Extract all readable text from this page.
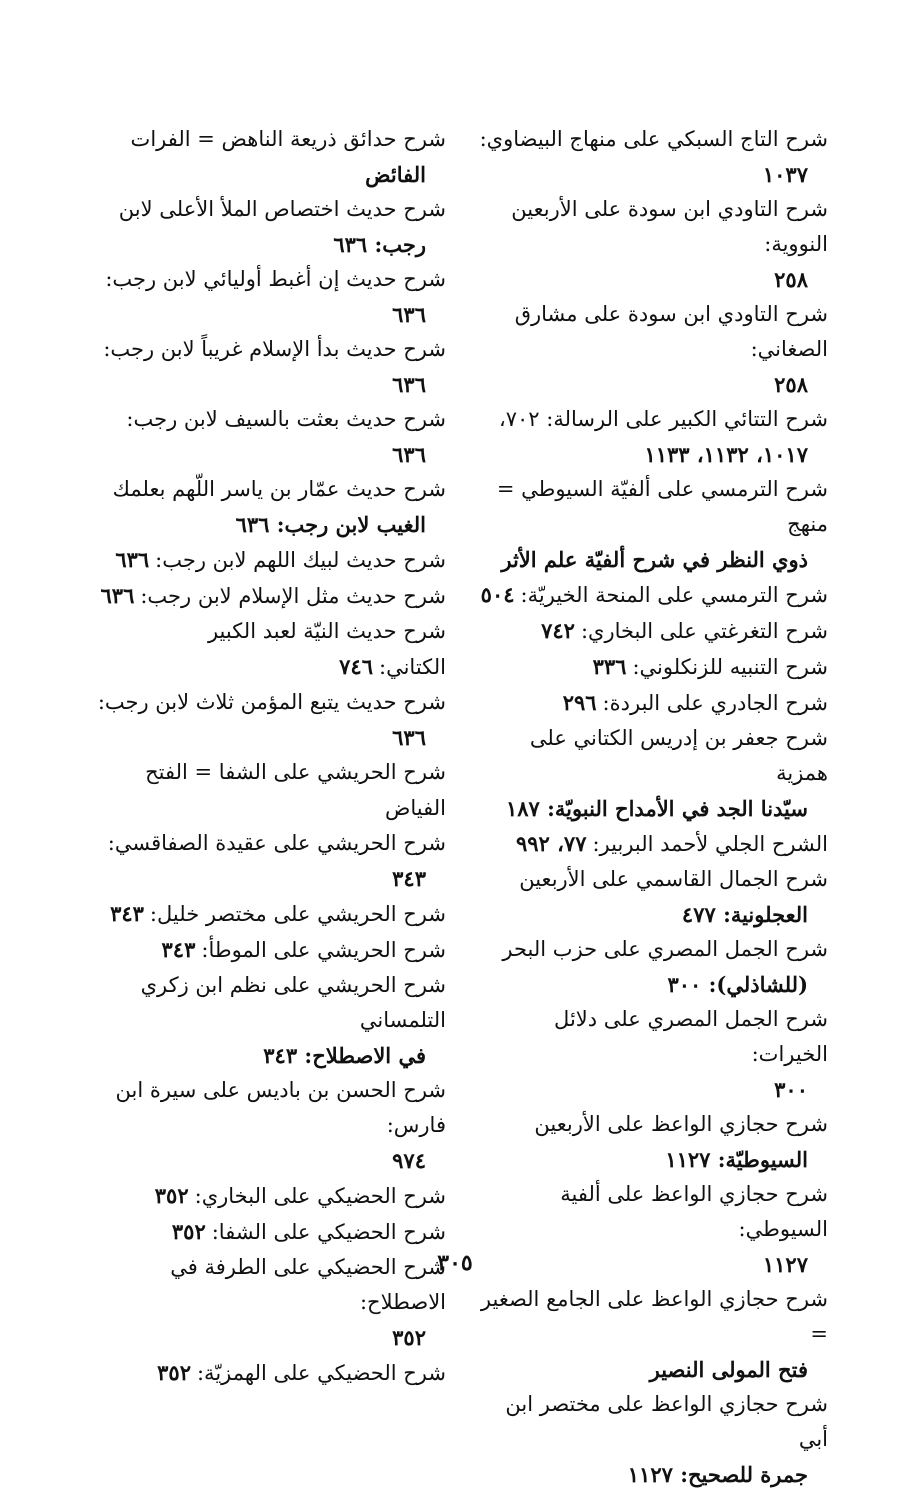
شرح التاج السبكي على منهاج البيضاوي:
١٠٣٧
شرح التاودي ابن سودة على الأربعين النووية:
٢٥٨
شرح التاودي ابن سودة على مشارق الصغاني:
٢٥٨
شرح التتائي الكبير على الرسالة: ٧٠٢،
١٠١٧، ١١٣٢، ١١٣٣
شرح الترمسي على ألفيّة السيوطي = منهج
ذوي النظر في شرح ألفيّة علم الأثر
شرح الترمسي على المنحة الخيريّة:٥٠٤
شرح التغرغتي على البخاري:٧٤٢
شرح التنبيه للزنكلوني:٣٣٦
شرح الجادري على البردة:٢٩٦
شرح جعفر بن إدريس الكتاني على همزية
سيّدنا الجد في الأمداح النبويّة: ١٨٧
الشرح الجلي لأحمد البربير:٧٧، ٩٩٢
شرح الجمال القاسمي على الأربعين
العجلونية: ٤٧٧
شرح الجمل المصري على حزب البحر
(للشاذلي): ٣٠٠
شرح الجمل المصري على دلائل الخيرات:
٣٠٠
شرح حجازي الواعظ على الأربعين
السيوطيّة: ١١٢٧
شرح حجازي الواعظ على ألفية السيوطي:
١١٢٧
شرح حجازي الواعظ على الجامع الصغير =
فتح المولى النصير
شرح حجازي الواعظ على مختصر ابن أبي
جمرة للصحيح: ١١٢٧
شرح حدائق ذريعة الناهض = الفرات
الفائض
شرح حديث اختصاص الملأ الأعلى لابن
رجب: ٦٣٦
شرح حديث إن أغبط أوليائي لابن رجب:
٦٣٦
شرح حديث بدأ الإسلام غريباً لابن رجب:
٦٣٦
شرح حديث بعثت بالسيف لابن رجب:
٦٣٦
شرح حديث عمّار بن ياسر اللّهم بعلمك
الغيب لابن رجب: ٦٣٦
شرح حديث لبيك اللهم لابن رجب:٦٣٦
شرح حديث مثل الإسلام لابن رجب:٦٣٦
شرح حديث النيّة لعبد الكبير الكتاني:٧٤٦
شرح حديث يتبع المؤمن ثلاث لابن رجب:
٦٣٦
شرح الحريشي على الشفا = الفتح الفياض
شرح الحريشي على عقيدة الصفاقسي:
٣٤٣
شرح الحريشي على مختصر خليل:٣٤٣
شرح الحريشي على الموطأ:٣٤٣
شرح الحريشي على نظم ابن زكري التلمساني
في الاصطلاح: ٣٤٣
شرح الحسن بن باديس على سيرة ابن فارس:
٩٧٤
شرح الحضيكي على البخاري:٣٥٢
شرح الحضيكي على الشفا:٣٥٢
شرح الحضيكي على الطرفة في الاصطلاح:
٣٥٢
شرح الحضيكي على الهمزيّة:٣٥٢
٣٠٥
